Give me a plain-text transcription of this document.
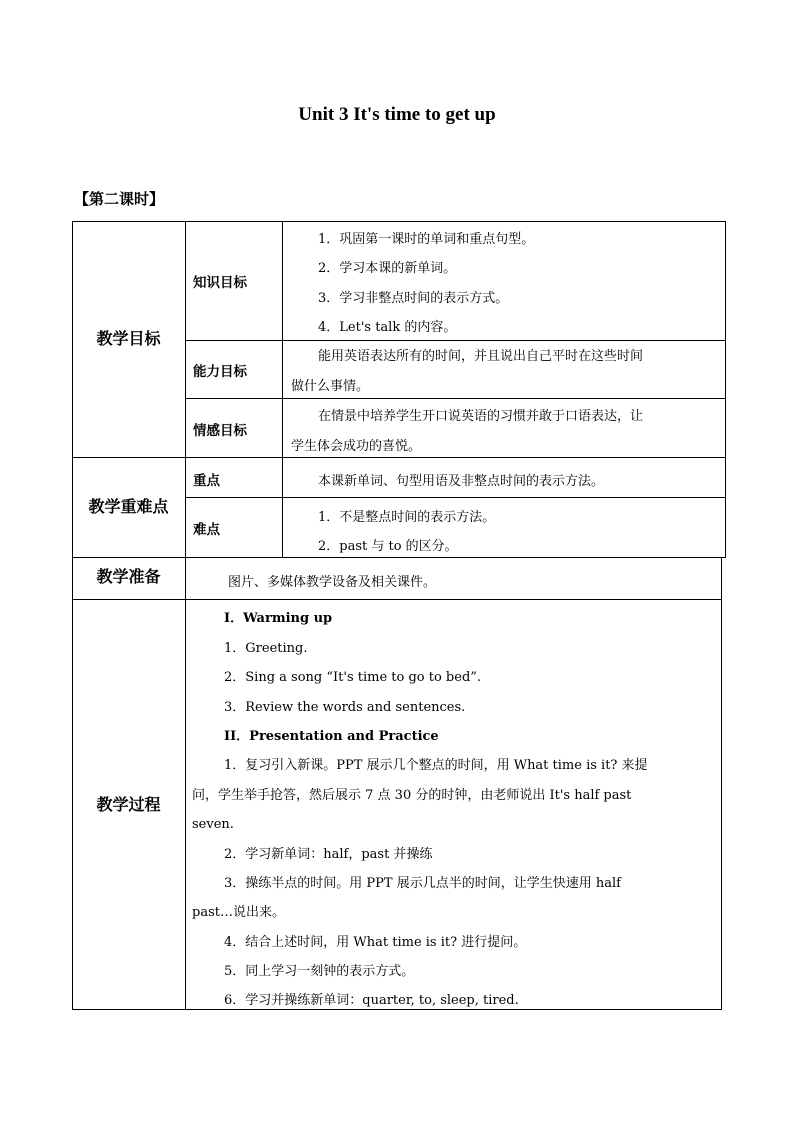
Unit 3 It's time to get up
【第二课时】
教学目标
知识目标
1．巩固第一课时的单词和重点句型。
2．学习本课的新单词。
3．学习非整点时间的表示方式。
4．Let's talk 的内容。
能力目标
能用英语表达所有的时间，并且说出自己平时在这些时间
做什么事情。
情感目标
在情景中培养学生开口说英语的习惯并敢于口语表达，让
学生体会成功的喜悦。
教学重难点
重点	本课新单词、句型用语及非整点时间的表示方法。
难点
1．不是整点时间的表示方法。
2．past 与 to 的区分。
教学准备	图片、多媒体教学设备及相关课件。
教学过程
I．Warming up
1．Greeting.
2．Sing a song “It's time to go to bed”.
3．Review the words and sentences.
II．Presentation and Practice
1．复习引入新课。PPT 展示几个整点的时间，用 What time is it? 来提
问，学生举手抢答，然后展示 7 点 30 分的时钟，由老师说出 It's half past
seven.
2．学习新单词：half，past 并操练
3．操练半点的时间。用 PPT 展示几点半的时间，让学生快速用 half
past…说出来。
4．结合上述时间，用 What time is it? 进行提问。
5．同上学习一刻钟的表示方式。
6．学习并操练新单词：quarter, to, sleep, tired.
